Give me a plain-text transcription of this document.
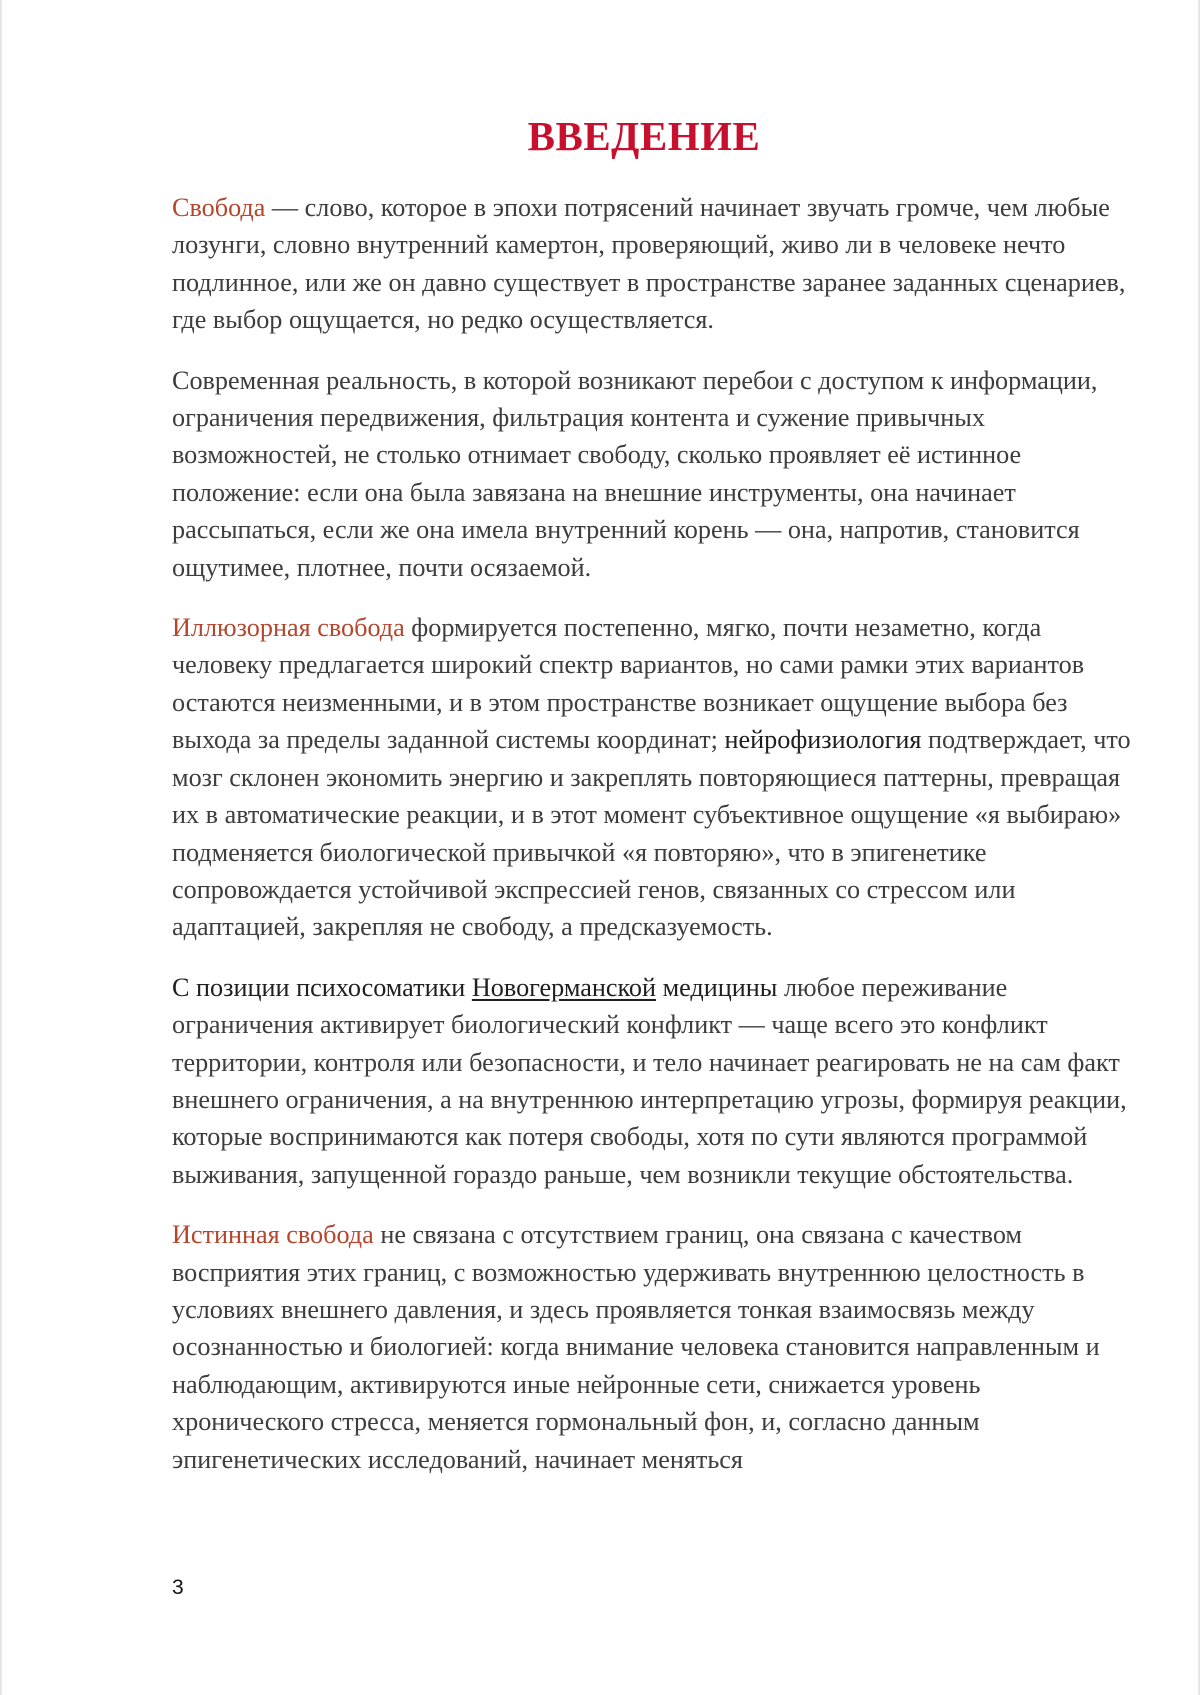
ВВЕДЕНИЕ

Свобода — слово, которое в эпохи потрясений начинает звучать громче, чем любые лозунги, словно внутренний камертон, проверяющий, живо ли в человеке нечто подлинное, или же он давно существует в пространстве заранее заданных сценариев, где выбор ощущается, но редко осуществляется.

Современная реальность, в которой возникают перебои с доступом к информации, ограничения передвижения, фильтрация контента и сужение привычных возможностей, не столько отнимает свободу, сколько проявляет её истинное положение: если она была завязана на внешние инструменты, она начинает рассыпаться, если же она имела внутренний корень — она, напротив, становится ощутимее, плотнее, почти осязаемой.

Иллюзорная свобода формируется постепенно, мягко, почти незаметно, когда человеку предлагается широкий спектр вариантов, но сами рамки этих вариантов остаются неизменными, и в этом пространстве возникает ощущение выбора без выхода за пределы заданной системы координат; нейрофизиология подтверждает, что мозг склонен экономить энергию и закреплять повторяющиеся паттерны, превращая их в автоматические реакции, и в этот момент субъективное ощущение «я выбираю» подменяется биологической привычкой «я повторяю», что в эпигенетике сопровождается устойчивой экспрессией генов, связанных со стрессом или адаптацией, закрепляя не свободу, а предсказуемость.

С позиции психосоматики Новогерманской медицины любое переживание ограничения активирует биологический конфликт — чаще всего это конфликт территории, контроля или безопасности, и тело начинает реагировать не на сам факт внешнего ограничения, а на внутреннюю интерпретацию угрозы, формируя реакции, которые воспринимаются как потеря свободы, хотя по сути являются программой выживания, запущенной гораздо раньше, чем возникли текущие обстоятельства.

Истинная свобода не связана с отсутствием границ, она связана с качеством восприятия этих границ, с возможностью удерживать внутреннюю целостность в условиях внешнего давления, и здесь проявляется тонкая взаимосвязь между осознанностью и биологией: когда внимание человека становится направленным и наблюдающим, активируются иные нейронные сети, снижается уровень хронического стресса, меняется гормональный фон, и, согласно данным эпигенетических исследований, начинает меняться

3
